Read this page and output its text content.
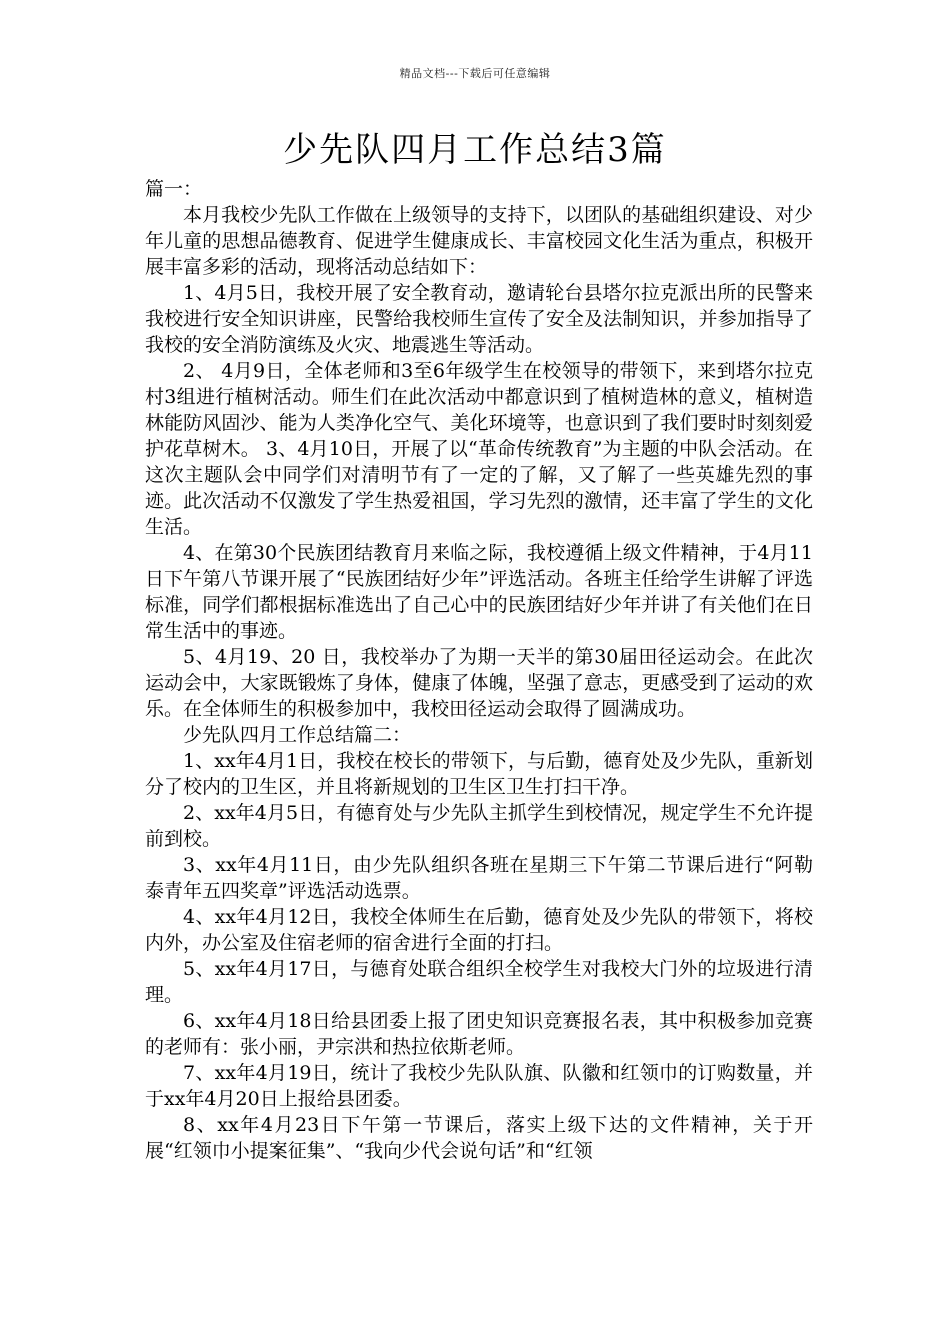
精品文档---下载后可任意编辑
少先队四月工作总结3篇

篇一：

本月我校少先队工作做在上级领导的支持下，以团队的基础组织建设、对少年儿童的思想品德教育、促进学生健康成长、丰富校园文化生活为重点，积极开展丰富多彩的活动，现将活动总结如下：

1、4月5日，我校开展了安全教育动，邀请轮台县塔尔拉克派出所的民警来我校进行安全知识讲座，民警给我校师生宣传了安全及法制知识，并参加指导了我校的安全消防演练及火灾、地震逃生等活动。

2、 4月9日，全体老师和3至6年级学生在校领导的带领下，来到塔尔拉克村3组进行植树活动。师生们在此次活动中都意识到了植树造林的意义，植树造林能防风固沙、能为人类净化空气、美化环境等，也意识到了我们要时时刻刻爱护花草树木。 3、4月10日，开展了以“革命传统教育”为主题的中队会活动。在这次主题队会中同学们对清明节有了一定的了解，又了解了一些英雄先烈的事迹。此次活动不仅激发了学生热爱祖国，学习先烈的激情，还丰富了学生的文化生活。

4、在第30个民族团结教育月来临之际，我校遵循上级文件精神，于4月11日下午第八节课开展了“民族团结好少年”评选活动。各班主任给学生讲解了评选标准，同学们都根据标准选出了自己心中的民族团结好少年并讲了有关他们在日常生活中的事迹。

5、4月19、20 日，我校举办了为期一天半的第30届田径运动会。在此次运动会中，大家既锻炼了身体，健康了体魄，坚强了意志，更感受到了运动的欢乐。在全体师生的积极参加中，我校田径运动会取得了圆满成功。

少先队四月工作总结篇二：

1、xx年4月1日，我校在校长的带领下，与后勤，德育处及少先队，重新划分了校内的卫生区，并且将新规划的卫生区卫生打扫干净。

2、xx年4月5日，有德育处与少先队主抓学生到校情况，规定学生不允许提前到校。

3、xx年4月11日，由少先队组织各班在星期三下午第二节课后进行“阿勒泰青年五四奖章”评选活动选票。

4、xx年4月12日，我校全体师生在后勤，德育处及少先队的带领下，将校内外，办公室及住宿老师的宿舍进行全面的打扫。

5、xx年4月17日，与德育处联合组织全校学生对我校大门外的垃圾进行清理。

6、xx年4月18日给县团委上报了团史知识竞赛报名表，其中积极参加竞赛的老师有：张小丽，尹宗洪和热拉依斯老师。

7、xx年4月19日，统计了我校少先队队旗、队徽和红领巾的订购数量，并于xx年4月20日上报给县团委。

8、xx年4月23日下午第一节课后，落实上级下达的文件精神，关于开展“红领巾小提案征集”、“我向少代会说句话”和“红领
